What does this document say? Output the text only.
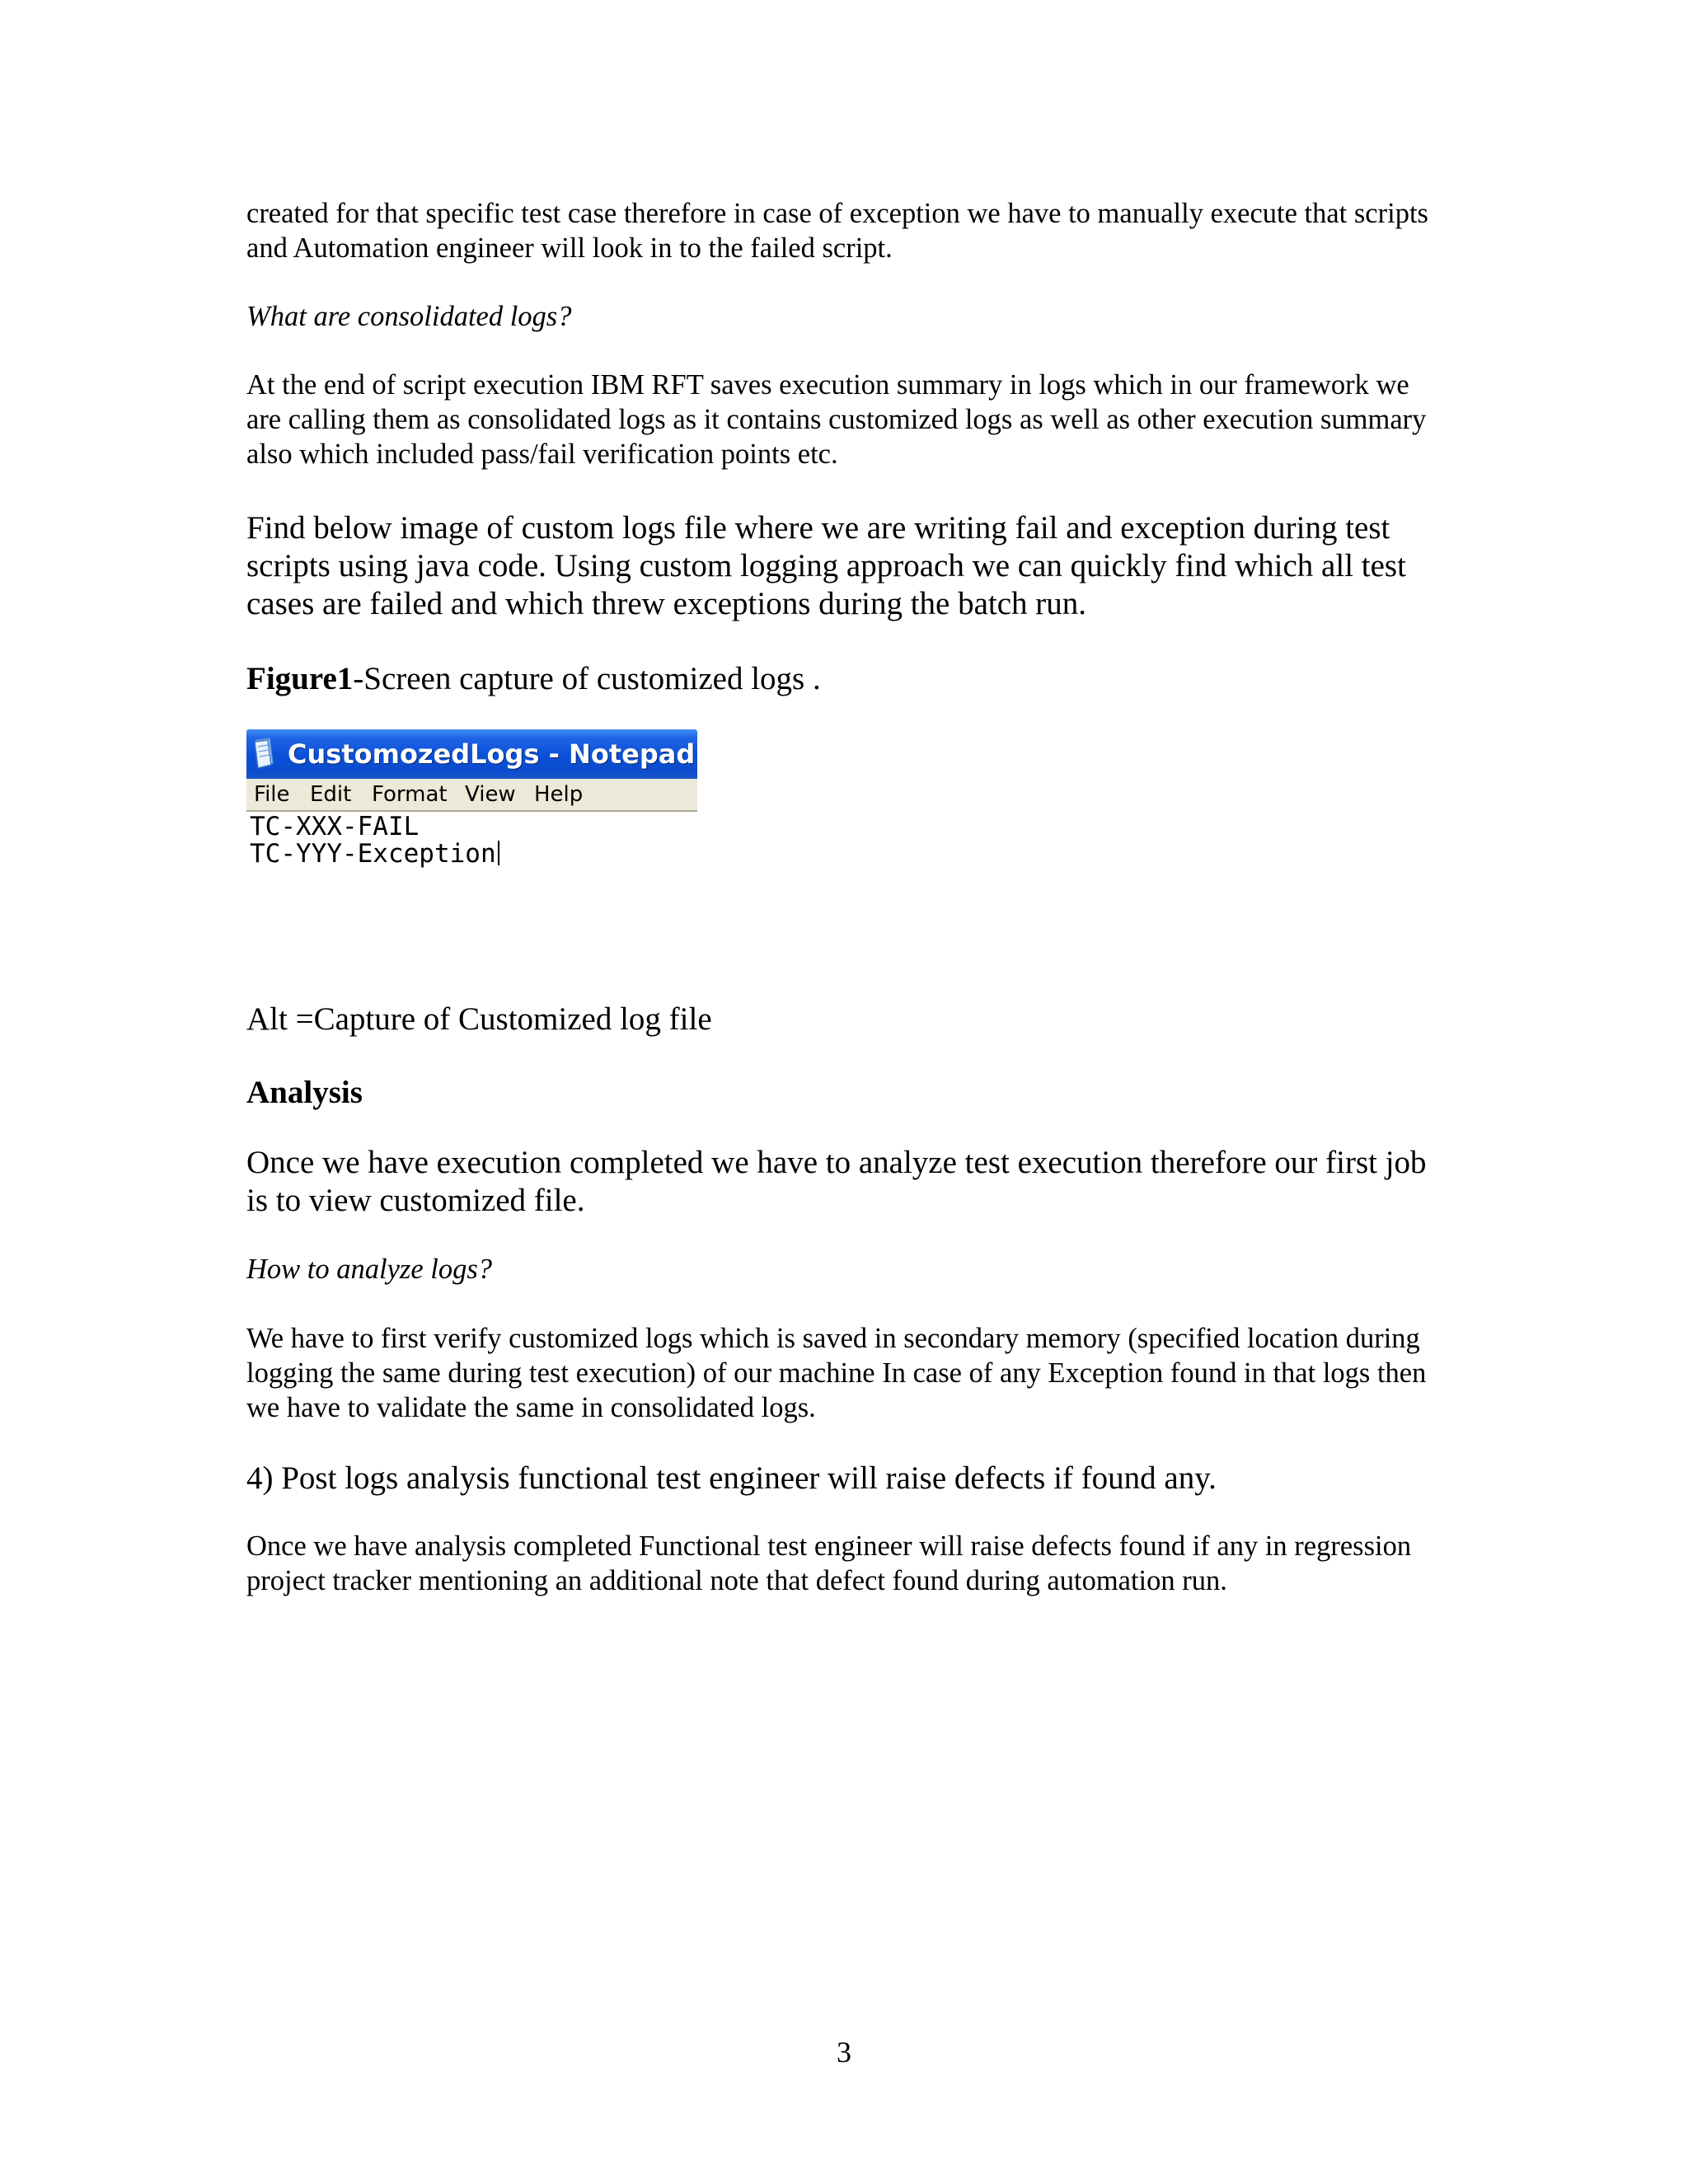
created for that specific test case therefore in case of exception we have to manually execute that scripts and Automation engineer will look in to the failed script.

What are consolidated logs?

At the end of script execution IBM RFT saves execution summary in logs which in our framework we are calling them as consolidated logs as it contains customized logs as well as other execution summary also which included pass/fail verification points etc.

Find below image of custom logs file where we are writing fail and exception during test scripts using java code. Using custom logging approach we can quickly find which all test cases are failed and which threw exceptions during the batch run.

Figure1-Screen capture of customized logs .

CustomozedLogs - Notepad
File Edit Format View Help
TC-XXX-FAIL
TC-YYY-Exception

Alt =Capture of Customized log file

Analysis

Once we have execution completed we have to analyze test execution therefore our first job is to view customized file.

How to analyze logs?

We have to first verify customized logs which is saved in secondary memory (specified location during logging the same during test execution) of our machine In case of any Exception found in that logs then we have to validate the same in consolidated logs.

4) Post logs analysis functional test engineer will raise defects if found any.

Once we have analysis completed Functional test engineer will raise defects found if any in regression project tracker mentioning an additional note that defect found during automation run.

3
